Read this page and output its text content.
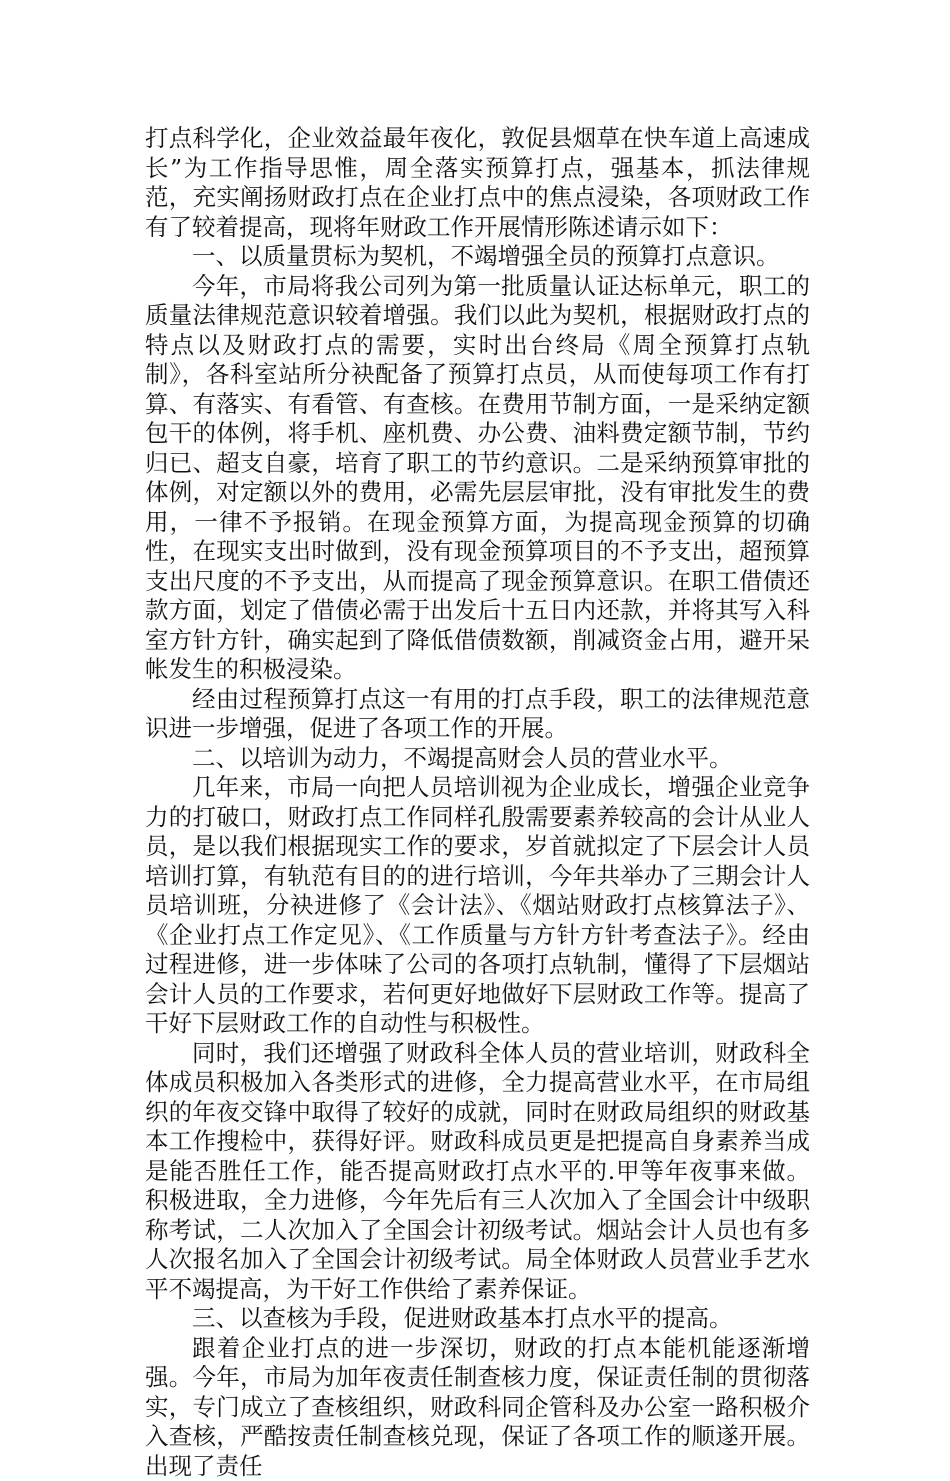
打点科学化，企业效益最年夜化，敦促县烟草在快车道上高速成长”为工作指导思惟，周全落实预算打点，强基本，抓法律规范，充实阐扬财政打点在企业打点中的焦点浸染，各项财政工作有了较着提高，现将年财政工作开展情形陈述请示如下：

一、以质量贯标为契机，不竭增强全员的预算打点意识。

今年，市局将我公司列为第一批质量认证达标单元，职工的质量法律规范意识较着增强。我们以此为契机，根据财政打点的特点以及财政打点的需要，实时出台终局《周全预算打点轨制》，各科室站所分袂配备了预算打点员，从而使每项工作有打算、有落实、有看管、有查核。在费用节制方面，一是采纳定额包干的体例，将手机、座机费、办公费、油料费定额节制，节约归已、超支自豪，培育了职工的节约意识。二是采纳预算审批的体例，对定额以外的费用，必需先层层审批，没有审批发生的费用，一律不予报销。在现金预算方面，为提高现金预算的切确性，在现实支出时做到，没有现金预算项目的不予支出，超预算支出尺度的不予支出，从而提高了现金预算意识。在职工借债还款方面，划定了借债必需于出发后十五日内还款，并将其写入科室方针方针，确实起到了降低借债数额，削减资金占用，避开呆帐发生的积极浸染。

经由过程预算打点这一有用的打点手段，职工的法律规范意识进一步增强，促进了各项工作的开展。

二、以培训为动力，不竭提高财会人员的营业水平。

几年来，市局一向把人员培训视为企业成长，增强企业竞争力的打破口，财政打点工作同样孔殷需要素养较高的会计从业人员，是以我们根据现实工作的要求，岁首就拟定了下层会计人员培训打算，有轨范有目的的进行培训，今年共举办了三期会计人员培训班，分袂进修了《会计法》、《烟站财政打点核算法子》、《企业打点工作定见》、《工作质量与方针方针考查法子》。经由过程进修，进一步体味了公司的各项打点轨制，懂得了下层烟站会计人员的工作要求，若何更好地做好下层财政工作等。提高了干好下层财政工作的自动性与积极性。

同时，我们还增强了财政科全体人员的营业培训，财政科全体成员积极加入各类形式的进修，全力提高营业水平，在市局组织的年夜交锋中取得了较好的成就，同时在财政局组织的财政基本工作搜检中，获得好评。财政科成员更是把提高自身素养当成是能否胜任工作，能否提高财政打点水平的.甲等年夜事来做。积极进取，全力进修，今年先后有三人次加入了全国会计中级职称考试，二人次加入了全国会计初级考试。烟站会计人员也有多人次报名加入了全国会计初级考试。局全体财政人员营业手艺水平不竭提高，为干好工作供给了素养保证。

三、以查核为手段，促进财政基本打点水平的提高。

跟着企业打点的进一步深切，财政的打点本能机能逐渐增强。今年，市局为加年夜责任制查核力度，保证责任制的贯彻落实，专门成立了查核组织，财政科同企管科及办公室一路积极介入查核，严酷按责任制查核兑现，保证了各项工作的顺遂开展。出现了责任
